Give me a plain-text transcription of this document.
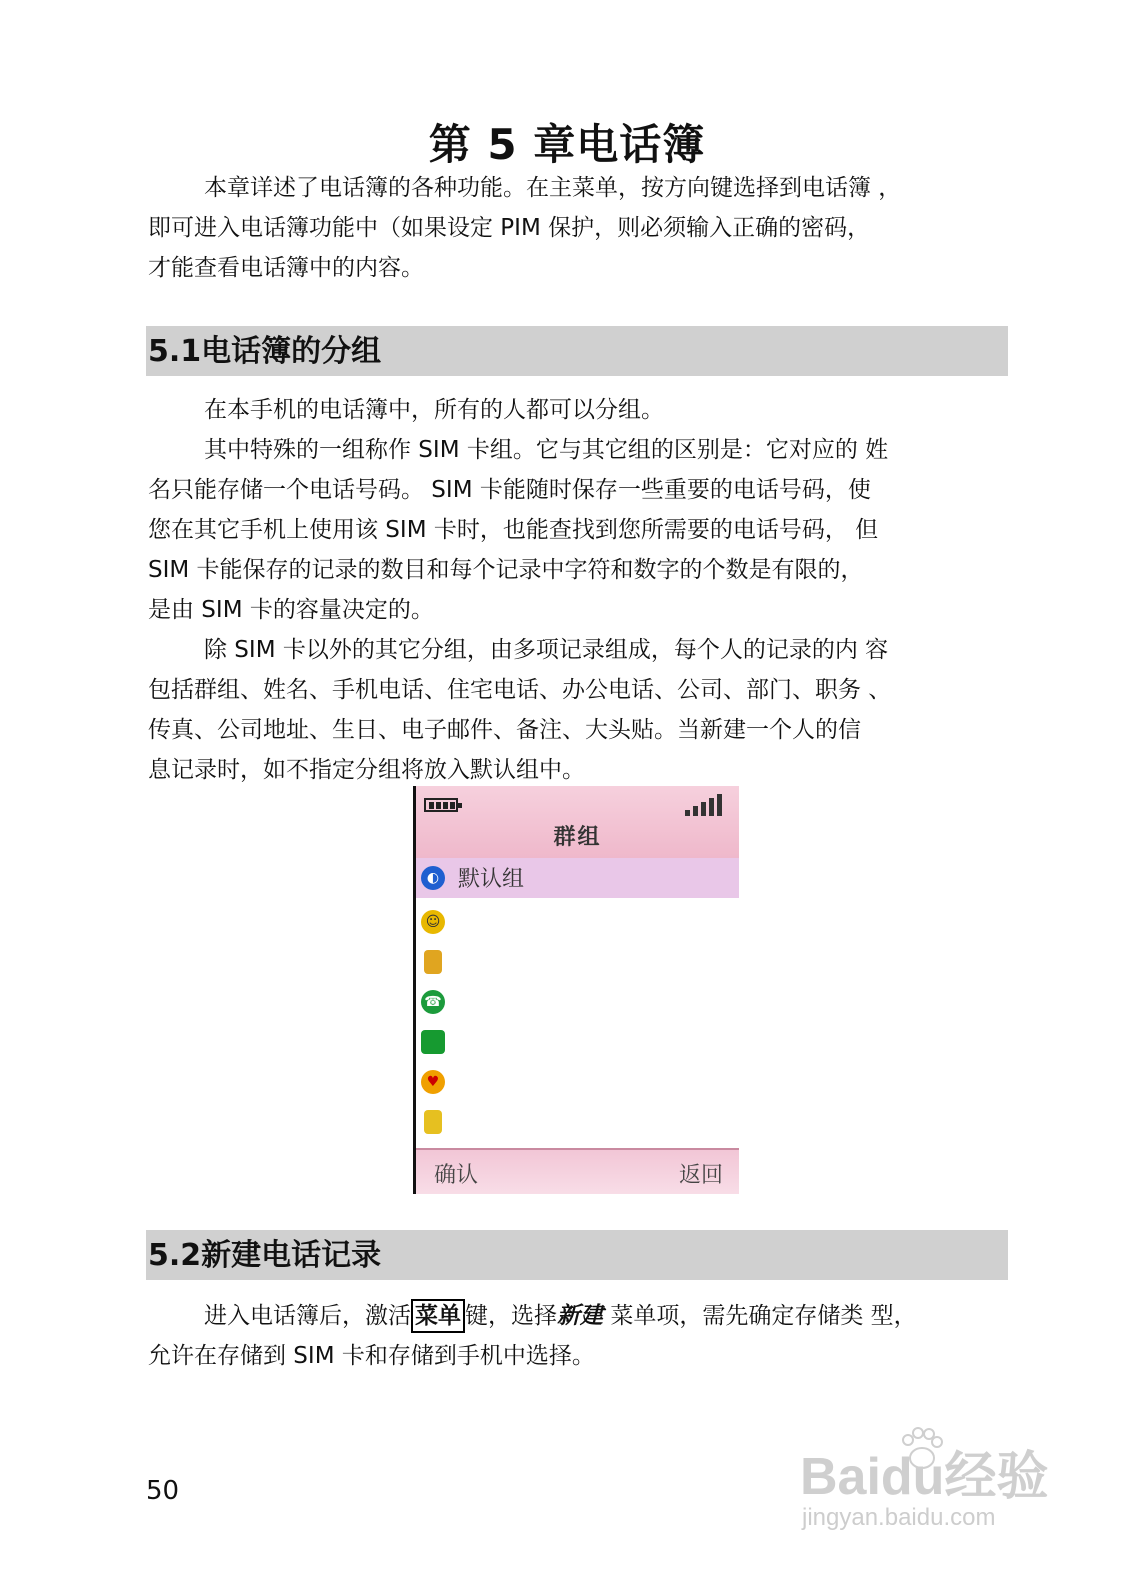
第 5 章电话簿
本章详述了电话簿的各种功能。在主菜单，按方向键选择到电话簿 ，
即可进入电话簿功能中（如果设定 PIM 保护，则必须输入正确的密码，
才能查看电话簿中的内容。
5.1电话簿的分组
在本手机的电话簿中，所有的人都可以分组。
其中特殊的一组称作 SIM 卡组。它与其它组的区别是：它对应的 姓
名只能存储一个电话号码。 SIM 卡能随时保存一些重要的电话号码，使
您在其它手机上使用该 SIM 卡时，也能查找到您所需要的电话号码， 但
SIM 卡能保存的记录的数目和每个记录中字符和数字的个数是有限的，
是由 SIM 卡的容量决定的。
除 SIM 卡以外的其它分组，由多项记录组成，每个人的记录的内 容
包括群组、姓名、手机电话、住宅电话、办公电话、公司、部门、职务 、
传真、公司地址、生日、电子邮件、备注、大头贴。当新建一个人的信
息记录时，如不指定分组将放入默认组中。
群组
◐ 默认组
☺
☎
♥
确认	返回
5.2新建电话记录
进入电话簿后，激活 菜单 键，选择新建 菜单项，需先确定存储类 型，
允许在存储到 SIM 卡和存储到手机中选择。
50	Baidu经验
jingyan.baidu.com
